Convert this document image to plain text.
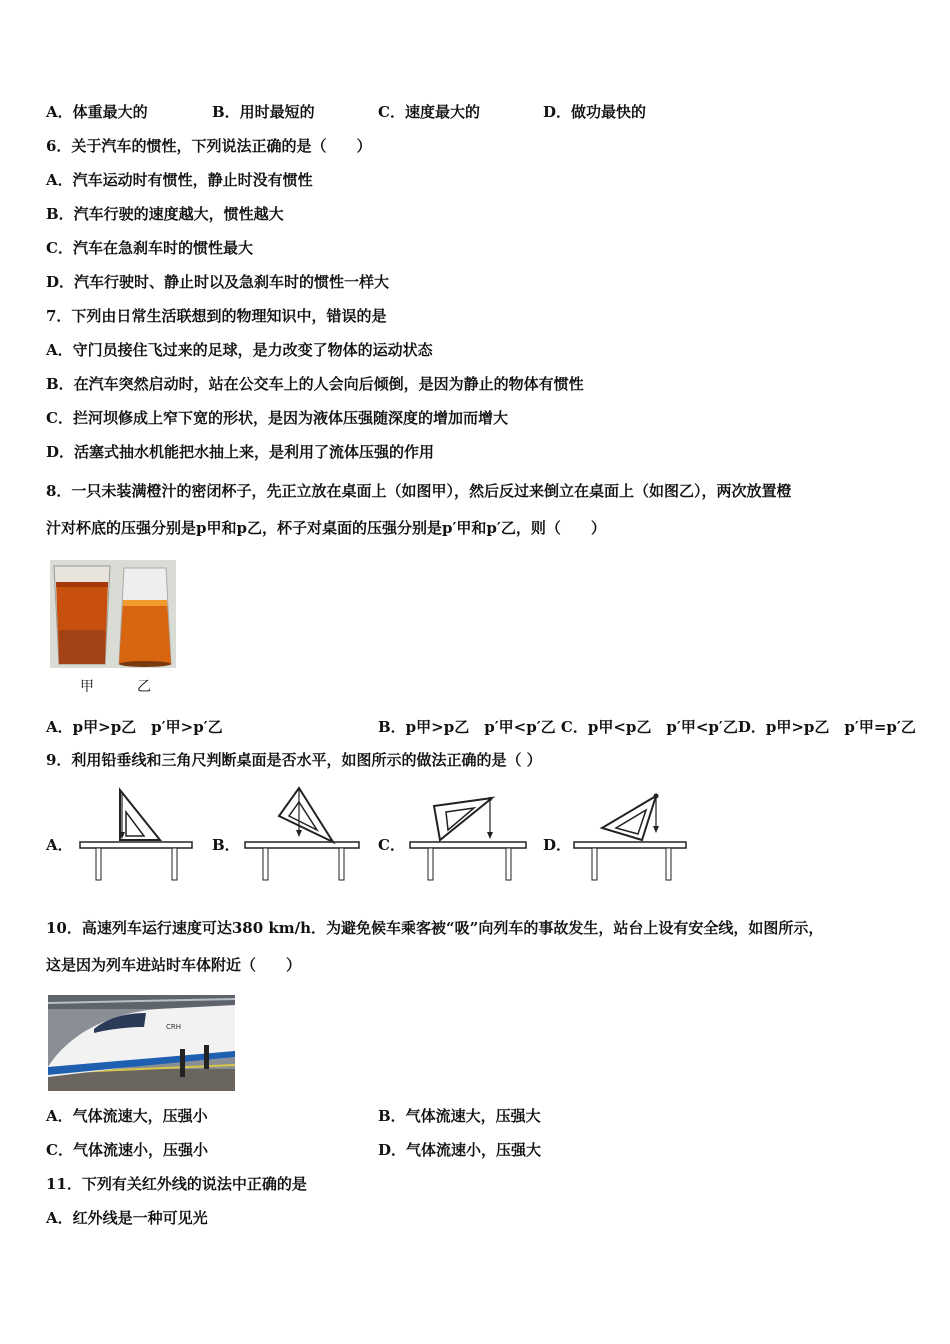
A．体重最大的	B．用时最短的	C．速度最大的	D．做功最快的
6．关于汽车的惯性，下列说法正确的是（　　）
A．汽车运动时有惯性，静止时没有惯性
B．汽车行驶的速度越大，惯性越大
C．汽车在急刹车时的惯性最大
D．汽车行驶时、静止时以及急刹车时的惯性一样大
7．下列由日常生活联想到的物理知识中，错误的是
A．守门员接住飞过来的足球，是力改变了物体的运动状态
B．在汽车突然启动时，站在公交车上的人会向后倾倒，是因为静止的物体有惯性
C．拦河坝修成上窄下宽的形状，是因为液体压强随深度的增加而增大
D．活塞式抽水机能把水抽上来，是利用了流体压强的作用
8．一只未装满橙汁的密闭杯子，先正立放在桌面上（如图甲），然后反过来倒立在桌面上（如图乙），两次放置橙
汁对杯底的压强分别是p甲和p乙，杯子对桌面的压强分别是p′甲和p′乙，则（　　）
甲	乙
A．p甲>p乙　p′甲>p′乙	B．p甲>p乙　p′甲<p′乙 C．p甲<p乙　p′甲<p′乙D．p甲>p乙　p′甲=p′乙
9．利用铅垂线和三角尺判断桌面是否水平，如图所示的做法正确的是（ ）
A．	B．	C．	D．
10．高速列车运行速度可达380 km/h．为避免候车乘客被“吸”向列车的事故发生，站台上设有安全线，如图所示，
这是因为列车进站时车体附近（　　）
CRH
A．气体流速大，压强小	B．气体流速大，压强大
C．气体流速小，压强小	D．气体流速小，压强大
11．下列有关红外线的说法中正确的是
A．红外线是一种可见光
